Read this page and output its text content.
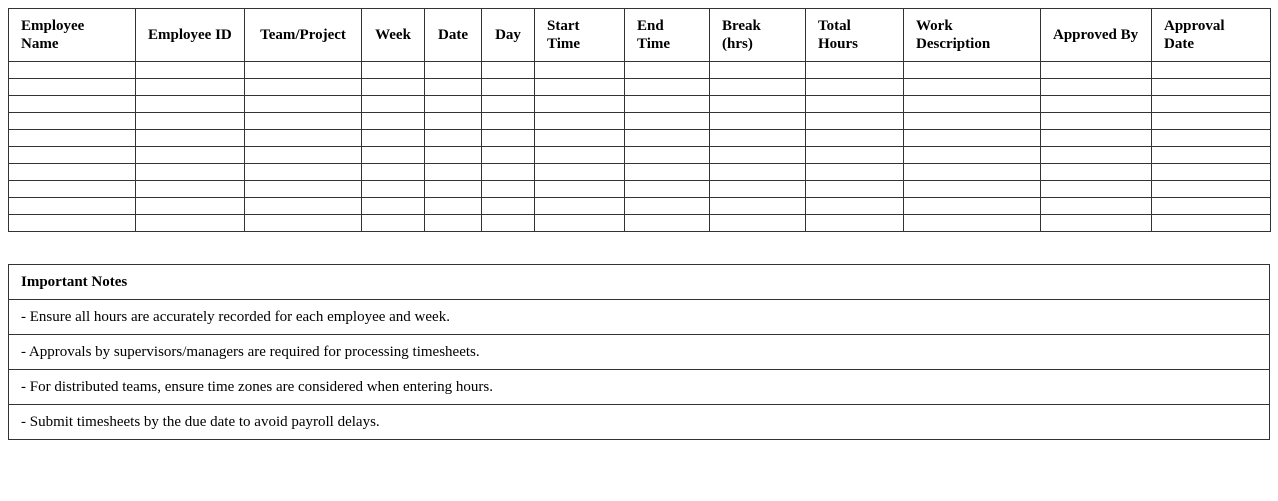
Employee Name	Employee ID	Team/Project	Week	Date	Day	Start Time	End Time	Break (hrs)	Total Hours	Work Description	Approved By	Approval Date

Important Notes
- Ensure all hours are accurately recorded for each employee and week.
- Approvals by supervisors/managers are required for processing timesheets.
- For distributed teams, ensure time zones are considered when entering hours.
- Submit timesheets by the due date to avoid payroll delays.
